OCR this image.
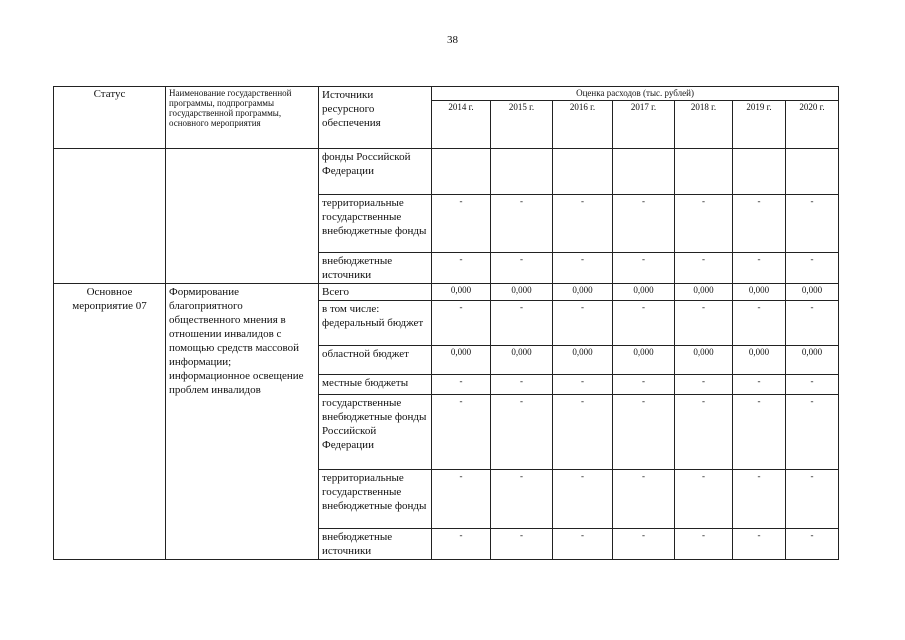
38
Статус	Наименование государственной программы, подпрограммы государственной программы, основного мероприятия	Источники ресурсного обеспечения	Оценка расходов (тыс. рублей)						
			2014 г.	2015 г.	2016 г.	2017 г.	2018 г.	2019 г.	2020 г.
		фонды Российской Федерации							
		территориальные государственные внебюджетные фонды	-	-	-	-	-	-	-
		внебюджетные источники	-	-	-	-	-	-	-
Основное мероприятие 07	Формирование благоприятного общественного мнения в отношении инвалидов с помощью средств массовой информации; информационное освещение проблем инвалидов	Всего	0,000	0,000	0,000	0,000	0,000	0,000	0,000
		в том числе: федеральный бюджет	-	-	-	-	-	-	-
		областной бюджет	0,000	0,000	0,000	0,000	0,000	0,000	0,000
		местные бюджеты	-	-	-	-	-	-	-
		государственные внебюджетные фонды Российской Федерации	-	-	-	-	-	-	-
		территориальные государственные внебюджетные фонды	-	-	-	-	-	-	-
		внебюджетные источники	-	-	-	-	-	-	-
